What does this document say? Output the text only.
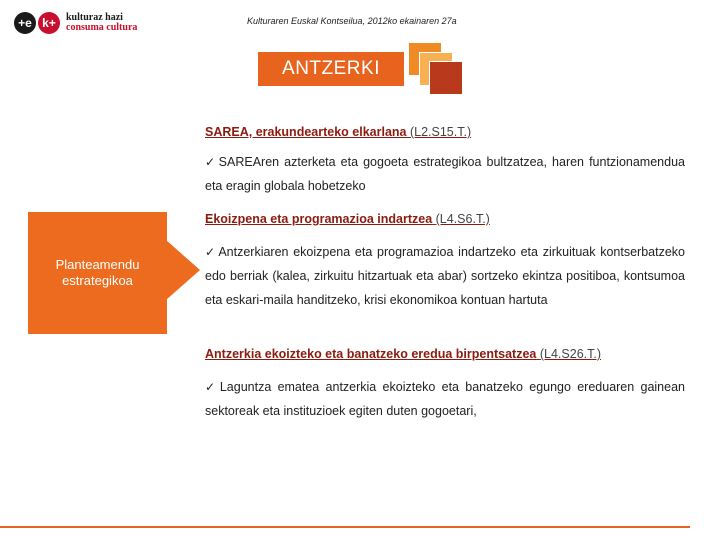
+e k+	kulturaz hazi
consuma cultura
Kulturaren Euskal Kontseilua, 2012ko ekainaren 27a
ANTZERKI
Planteamendu
estrategikoa
SAREA, erakundearteko elkarlana (L2.S15.T.)
✓ SAREAren azterketa eta gogoeta estrategikoa bultzatzea, haren funtzionamendua eta eragin globala hobetzeko
Ekoizpena eta programazioa indartzea (L4.S6.T.)
✓ Antzerkiaren ekoizpena eta programazioa indartzeko eta zirkuituak kontserbatzeko edo berriak (kalea, zirkuitu hitzartuak eta abar) sortzeko ekintza positiboa, kontsumoa eta eskari-maila handitzeko, krisi ekonomikoa kontuan hartuta
Antzerkia ekoizteko eta banatzeko eredua birpentsatzea (L4.S26.T.)
✓ Laguntza ematea antzerkia ekoizteko eta banatzeko egungo ereduaren gainean sektoreak eta instituzioek egiten duten gogoetari,
